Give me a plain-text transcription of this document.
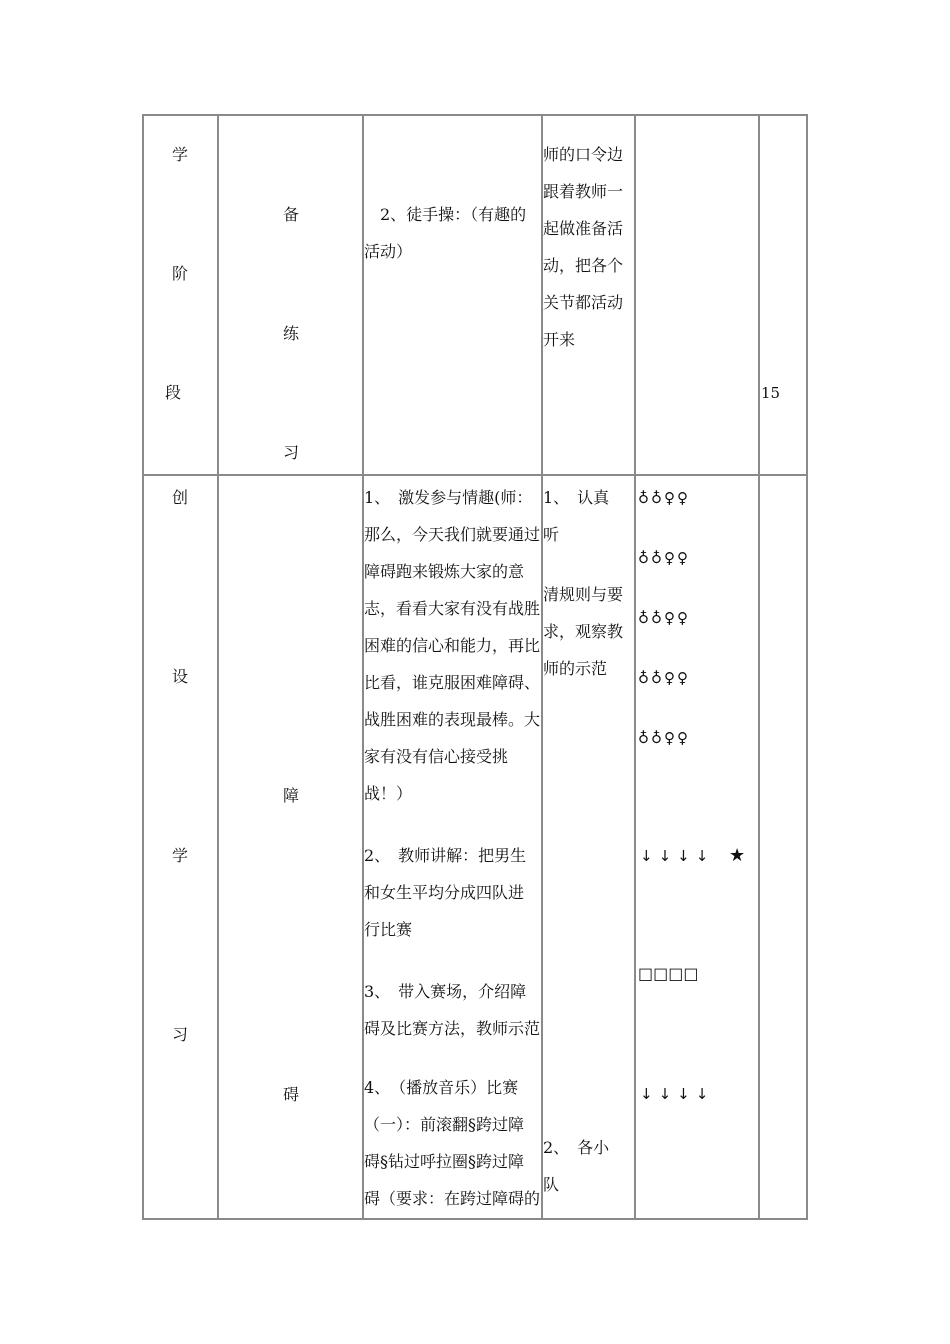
学
阶
段
备
练
习
2、徒手操：（有趣的
活动）
师的口令边
跟着教师一
起做准备活
动，把各个
关节都活动
开来
15
创
设
学
习
障
碍
1、　激发参与情趣(师：
那么，今天我们就要通过
障碍跑来锻炼大家的意
志，看看大家有没有战胜
困难的信心和能力，再比
比看，谁克服困难障碍、
战胜困难的表现最棒。大
家有没有信心接受挑
战！）
2、　教师讲解：把男生
和女生平均分成四队进
行比赛
3、　带入赛场，介绍障
碍及比赛方法，教师示范
4、　（播放音乐）比赛
（一）：前滚翻§跨过障
碍§钻过呼拉圈§跨过障
碍（要求：在跨过障碍的
1、　认真
听
清规则与要
求，观察教
师的示范
2、　各小
队
♁♁♀♀
♁♁♀♀
♁♁♀♀
♁♁♀♀
♁♁♀♀
↓↓↓↓ ★
□□□□
↓↓↓↓
